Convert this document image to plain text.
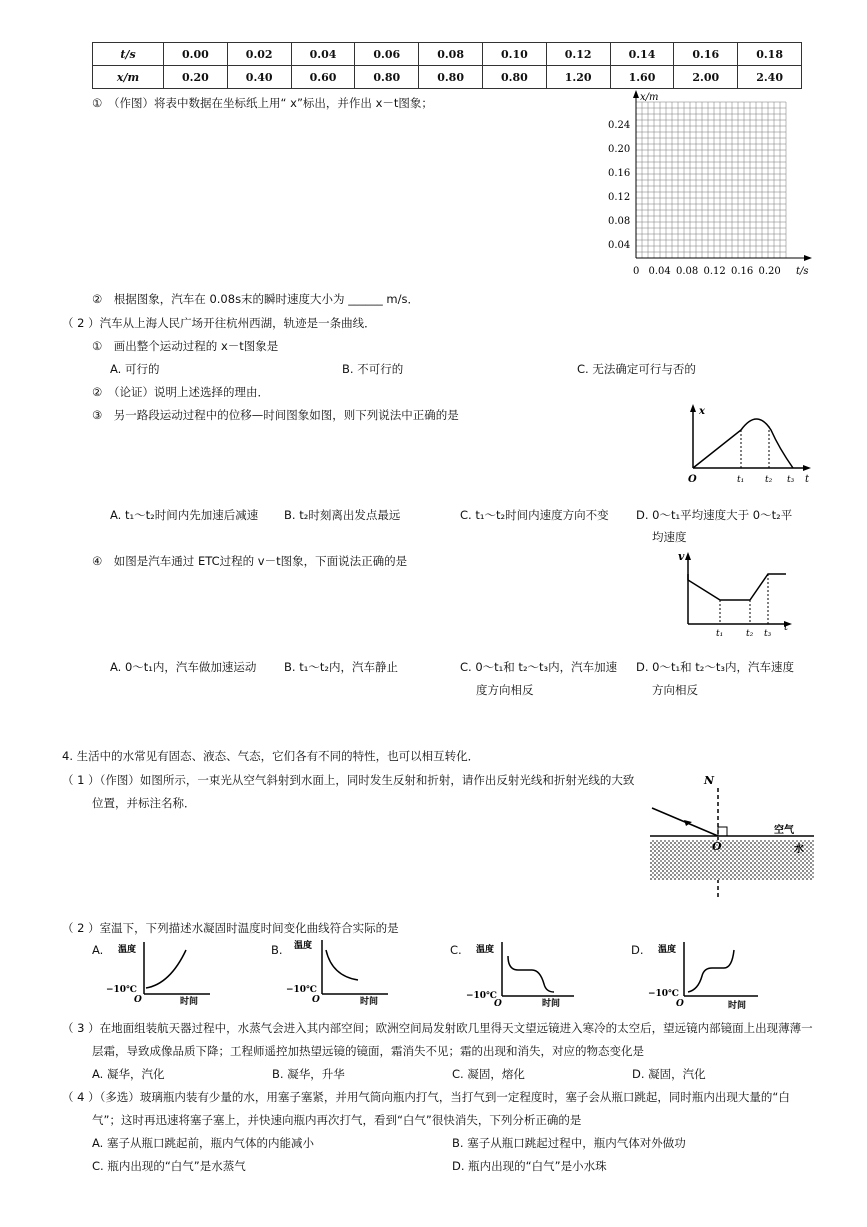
t/s	0.00	0.02	0.04	0.06	0.08	0.10	0.12	0.14	0.16	0.18
x/m	0.20	0.40	0.60	0.80	0.80	0.80	1.20	1.60	2.00	2.40
①　（作图）将表中数据在坐标纸上用“ x”标出，并作出 x－t图象；	x/m
t/s
0.24
0.20
0.16
0.12
0.08
0.04
0 0.04 0.08 0.12 0.16 0.20
②　根据图象，汽车在 0.08s末的瞬时速度大小为 ______ m/s．
（ 2 ）汽车从上海人民广场开往杭州西湖，轨迹是一条曲线．
①　画出整个运动过程的 x－t图象是
A. 可行的	B. 不可行的	C. 无法确定可行与否的
②　（论证）说明上述选择的理由．
③　另一路段运动过程中的位移—时间图象如图，则下列说法中正确的是	x
O	t₁ t₂ t₃ t
A. t₁～t₂时间内先加速后减速 B. t₂时刻离出发点最远	C. t₁～t₂时间内速度方向不变 D. 0～t₁平均速度大于 0～t₂平
均速度
④　如图是汽车通过 ETC过程的 v－t图象，下面说法正确的是	v
t₁	t₂ t₃
t
A. 0～t₁内，汽车做加速运动 B. t₁～t₂内，汽车静止	C. 0～t₁和 t₂～t₃内，汽车加速 D. 0～t₁和 t₂～t₃内，汽车速度
度方向相反	方向相反
4. 生活中的水常见有固态、液态、气态，它们各有不同的特性，也可以相互转化．
（ 1 ）（作图）如图所示，一束光从空气斜射到水面上，同时发生反射和折射，请作出反射光线和折射光线的大致
位置，并标注名称．
N
O
空气
水
（ 2 ）室温下，下列描述水凝固时温度时间变化曲线符合实际的是
A. 温度
−10℃
O	时间
B. 温度
−10℃
O	时间
C. 温度
−10℃
O	时间
D. 温度
−10℃
O	时间
（ 3 ）在地面组装航天器过程中，水蒸气会进入其内部空间；欧洲空间局发射欧几里得天文望远镜进入寒冷的太空后，望远镜内部镜面上出现薄薄一
层霜，导致成像品质下降；工程师遥控加热望远镜的镜面，霜消失不见；霜的出现和消失，对应的物态变化是
A. 凝华，汽化	B. 凝华，升华	C. 凝固，熔化	D. 凝固，汽化
（ 4 ）（多选）玻璃瓶内装有少量的水，用塞子塞紧，并用气筒向瓶内打气，当打气到一定程度时，塞子会从瓶口跳起，同时瓶内出现大量的“白
气”；这时再迅速将塞子塞上，并快速向瓶内再次打气，看到“白气”很快消失，下列分析正确的是
A. 塞子从瓶口跳起前，瓶内气体的内能减小	B. 塞子从瓶口跳起过程中，瓶内气体对外做功
C. 瓶内出现的“白气”是水蒸气	D. 瓶内出现的“白气”是小水珠
